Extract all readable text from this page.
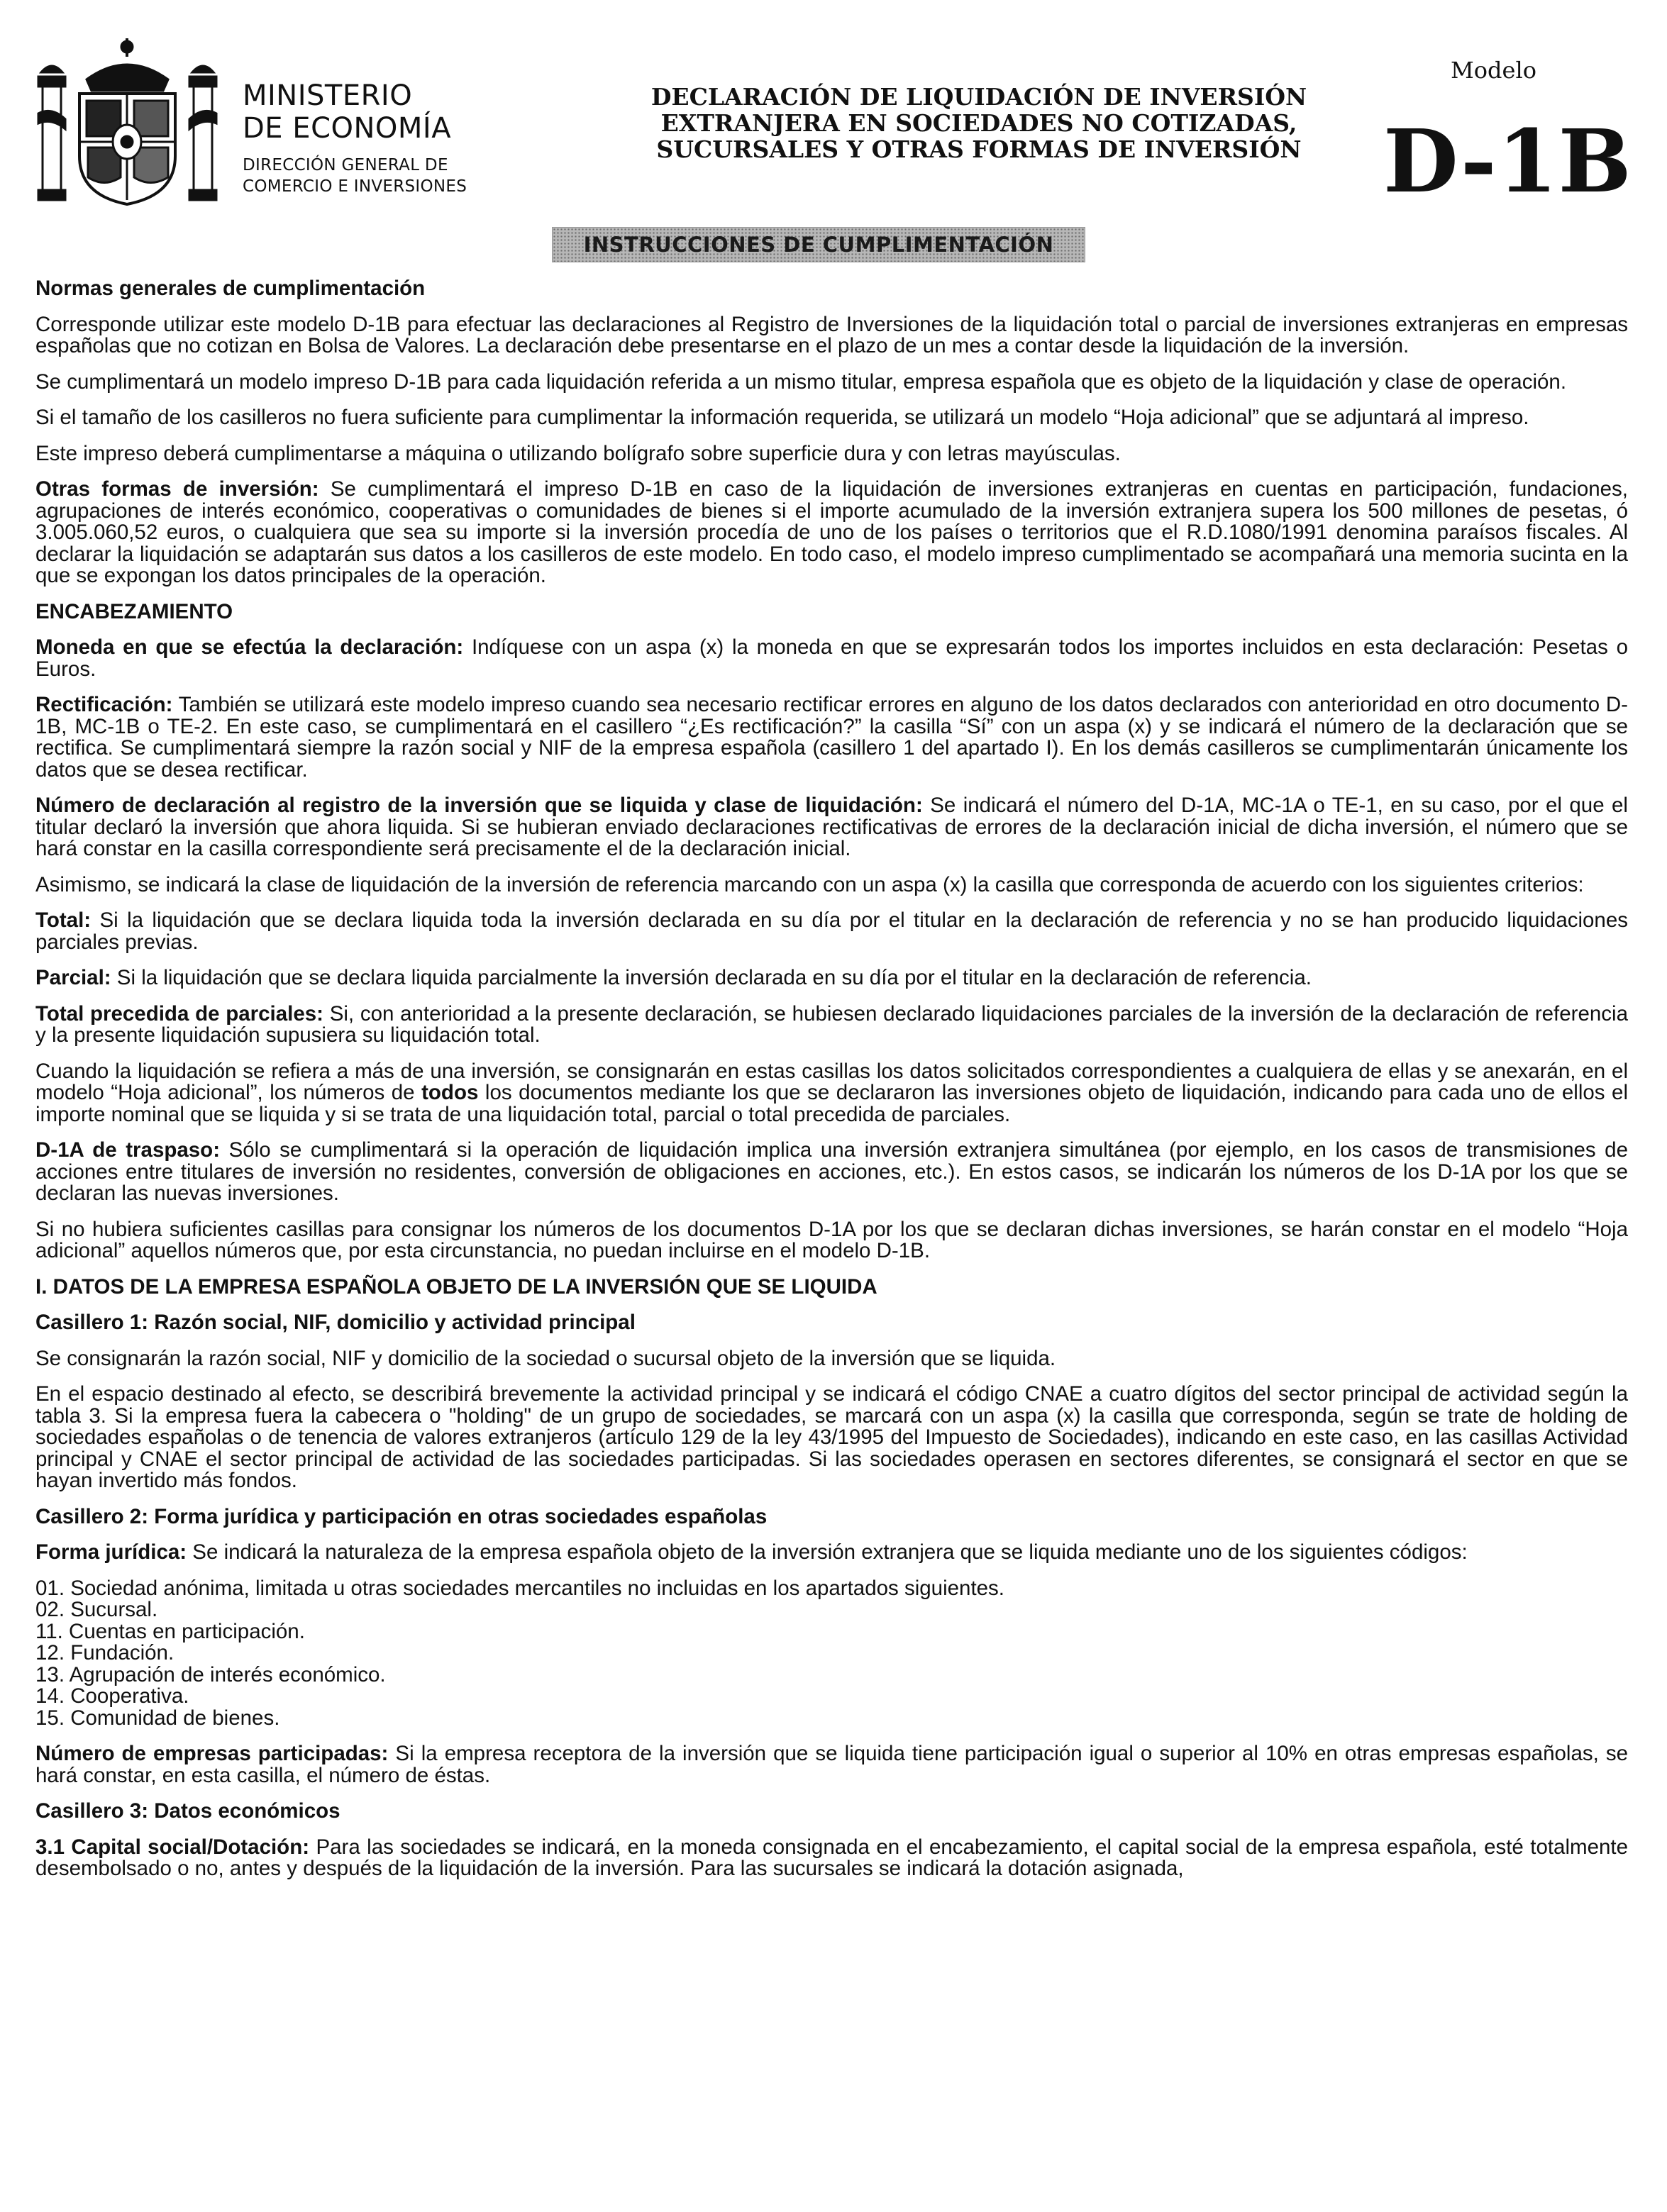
MINISTERIO
DE ECONOMÍA
DIRECCIÓN GENERAL DE
COMERCIO E INVERSIONES
DECLARACIÓN DE LIQUIDACIÓN DE INVERSIÓN
EXTRANJERA EN SOCIEDADES NO COTIZADAS,
SUCURSALES Y OTRAS FORMAS DE INVERSIÓN
Modelo
D-1B
INSTRUCCIONES DE CUMPLIMENTACIÓN

Normas generales de cumplimentación

Corresponde utilizar este modelo D-1B para efectuar las declaraciones al Registro de Inversiones de la liquidación total o parcial de inversiones extranjeras en empresas españolas que no cotizan en Bolsa de Valores. La declaración debe presentarse en el plazo de un mes a contar desde la liquidación de la inversión.

Se cumplimentará un modelo impreso D-1B para cada liquidación referida a un mismo titular, empresa española que es objeto de la liquidación y clase de operación.

Si el tamaño de los casilleros no fuera suficiente para cumplimentar la información requerida, se utilizará un modelo “Hoja adicional” que se adjuntará al impreso.

Este impreso deberá cumplimentarse a máquina o utilizando bolígrafo sobre superficie dura y con letras mayúsculas.

Otras formas de inversión: Se cumplimentará el impreso D-1B en caso de la liquidación de inversiones extranjeras en cuentas en participación, fundaciones, agrupaciones de interés económico, cooperativas o comunidades de bienes si el importe acumulado de la inversión extranjera supera los 500 millones de pesetas, ó 3.005.060,52 euros, o cualquiera que sea su importe si la inversión procedía de uno de los países o territorios que el R.D.1080/1991 denomina paraísos fiscales. Al declarar la liquidación se adaptarán sus datos a los casilleros de este modelo. En todo caso, el modelo impreso cumplimentado se acompañará una memoria sucinta en la que se expongan los datos principales de la operación.

ENCABEZAMIENTO

Moneda en que se efectúa la declaración: Indíquese con un aspa (x) la moneda en que se expresarán todos los importes incluidos en esta declaración: Pesetas o Euros.

Rectificación: También se utilizará este modelo impreso cuando sea necesario rectificar errores en alguno de los datos declarados con anterioridad en otro documento D-1B, MC-1B o TE-2. En este caso, se cumplimentará en el casillero “¿Es rectificación?” la casilla “Sí” con un aspa (x) y se indicará el número de la declaración que se rectifica. Se cumplimentará siempre la razón social y NIF de la empresa española (casillero 1 del apartado I). En los demás casilleros se cumplimentarán únicamente los datos que se desea rectificar.

Número de declaración al registro de la inversión que se liquida y clase de liquidación: Se indicará el número del D-1A, MC-1A o TE-1, en su caso, por el que el titular declaró la inversión que ahora liquida. Si se hubieran enviado declaraciones rectificativas de errores de la declaración inicial de dicha inversión, el número que se hará constar en la casilla correspondiente será precisamente el de la declaración inicial.

Asimismo, se indicará la clase de liquidación de la inversión de referencia marcando con un aspa (x) la casilla que corresponda de acuerdo con los siguientes criterios:

Total: Si la liquidación que se declara liquida toda la inversión declarada en su día por el titular en la declaración de referencia y no se han producido liquidaciones parciales previas.

Parcial: Si la liquidación que se declara liquida parcialmente la inversión declarada en su día por el titular en la declaración de referencia.

Total precedida de parciales: Si, con anterioridad a la presente declaración, se hubiesen declarado liquidaciones parciales de la inversión de la declaración de referencia y la presente liquidación supusiera su liquidación total.

Cuando la liquidación se refiera a más de una inversión, se consignarán en estas casillas los datos solicitados correspondientes a cualquiera de ellas y se anexarán, en el modelo “Hoja adicional”, los números de todos los documentos mediante los que se declararon las inversiones objeto de liquidación, indicando para cada uno de ellos el importe nominal que se liquida y si se trata de una liquidación total, parcial o total precedida de parciales.

D-1A de traspaso: Sólo se cumplimentará si la operación de liquidación implica una inversión extranjera simultánea (por ejemplo, en los casos de transmisiones de acciones entre titulares de inversión no residentes, conversión de obligaciones en acciones, etc.). En estos casos, se indicarán los números de los D-1A por los que se declaran las nuevas inversiones.

Si no hubiera suficientes casillas para consignar los números de los documentos D-1A por los que se declaran dichas inversiones, se harán constar en el modelo “Hoja adicional” aquellos números que, por esta circunstancia, no puedan incluirse en el modelo D-1B.

I. DATOS DE LA EMPRESA ESPAÑOLA OBJETO DE LA INVERSIÓN QUE SE LIQUIDA

Casillero 1: Razón social, NIF, domicilio y actividad principal

Se consignarán la razón social, NIF y domicilio de la sociedad o sucursal objeto de la inversión que se liquida.

En el espacio destinado al efecto, se describirá brevemente la actividad principal y se indicará el código CNAE a cuatro dígitos del sector principal de actividad según la tabla 3. Si la empresa fuera la cabecera o "holding" de un grupo de sociedades, se marcará con un aspa (x) la casilla que corresponda, según se trate de holding de sociedades españolas o de tenencia de valores extranjeros (artículo 129 de la ley 43/1995 del Impuesto de Sociedades), indicando en este caso, en las casillas Actividad principal y CNAE el sector principal de actividad de las sociedades participadas. Si las sociedades operasen en sectores diferentes, se consignará el sector en que se hayan invertido más fondos.

Casillero 2: Forma jurídica y participación en otras sociedades españolas

Forma jurídica: Se indicará la naturaleza de la empresa española objeto de la inversión extranjera que se liquida mediante uno de los siguientes códigos:

01. Sociedad anónima, limitada u otras sociedades mercantiles no incluidas en los apartados siguientes.
02. Sucursal.
11. Cuentas en participación.
12. Fundación.
13. Agrupación de interés económico.
14. Cooperativa.
15. Comunidad de bienes.

Número de empresas participadas: Si la empresa receptora de la inversión que se liquida tiene participación igual o superior al 10% en otras empresas españolas, se hará constar, en esta casilla, el número de éstas.

Casillero 3: Datos económicos

3.1 Capital social/Dotación: Para las sociedades se indicará, en la moneda consignada en el encabezamiento, el capital social de la empresa española, esté totalmente desembolsado o no, antes y después de la liquidación de la inversión. Para las sucursales se indicará la dotación asignada,
